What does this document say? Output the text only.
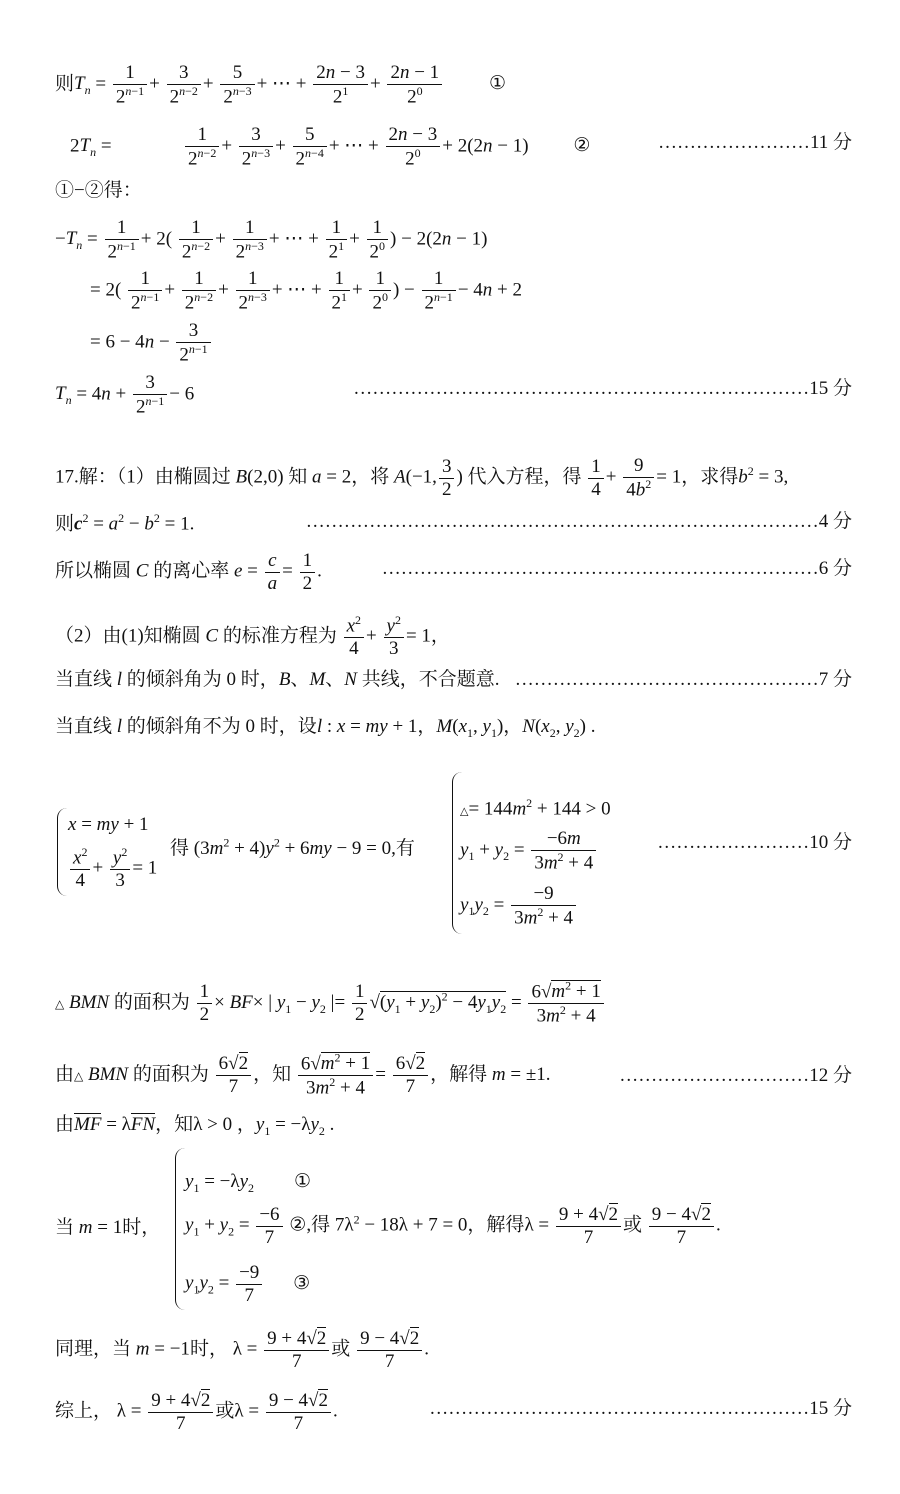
则$T_n = \frac{1}{2^{n-1}} + \frac{3}{2^{n-2}} + \frac{5}{2^{n-3}}$ + ⋯ + $\frac{2n - 3}{2^1} + \frac{2n - 1}{2^0}$ ①
$2T_n$ =	$\frac{1}{2^{n-2}} + \frac{3}{2^{n-3}} + \frac{5}{2^{n-4}}$ + ⋯ + $\frac{2n - 3}{2^0} + 2(2n - 1)$ ②	……………………11 分
①−②得：
$-T_n = \frac{1}{2^{n-1}} + 2( \frac{1}{2^{n-2}} + \frac{1}{2^{n-3}}$ + ⋯ + $\frac{1}{2^1} + \frac{1}{2^0}$ ) − 2(2n − 1)
= $2( \frac{1}{2^{n-1}} + \frac{1}{2^{n-2}} + \frac{1}{2^{n-3}}$ + ⋯ + $\frac{1}{2^1} + \frac{1}{2^0}$ ) − $\frac{1}{2^{n-1}} - 4n + 2$
= $6 - 4n - \frac{3}{2^{n-1}}$
$T_n = 4n + \frac{3}{2^{n-1}} - 6$	………………………………………………………………15 分
17.解：（1）由椭圆过 B(2,0) 知 a = 2，将 A(−1, $\frac{3}{2}$ ) 代入方程，得 $\frac{1}{4} + \frac{9}{4b^2} = 1$，求得$b^2 = 3$,
则$c^2 = a^2 - b^2 = 1$.	………………………………………………………………………4 分
所以椭圆 C 的离心率 $e = \frac{c}{a} = \frac{1}{2}$ .	……………………………………………………………6 分
（2）由(1)知椭圆 C 的标准方程为 $\frac{x^2}{4} + \frac{y^2}{3} = 1$，
当直线 l 的倾斜角为 0 时，B、M、N 共线，不合题意. …………………………………………7 分
当直线 l 的倾斜角不为 0 时，设l : x = my + 1，$M(x_1$, $y_1$)，$N(x_2$, $y_2$) .
x = my + 1
$\frac{x^2}{4} + \frac{y^2}{3} = 1$
得 $(3m^2 + 4)y^2 + 6my - 9 = 0$,有
△= $144m^2 + 144 > 0$
$y_1 + y_2 = \frac{-6m}{3m^2 + 4}$
$y_1y_2 = \frac{-9}{3m^2 + 4}$
……………………10 分
△ BMN 的面积为 $\frac{1}{2} \times BF\times$ | $y_1 - y_2$ |= $\frac{1}{2} √(y_1 + y_2)^2 - 4y_1y_2 = \frac{6√m^2 + 1}{3m^2 + 4}$
由△ BMN 的面积为 $\frac{6√2}{7}$ ，知 $\frac{6√m^2 + 1}{3m^2 + 4} = \frac{6√2}{7}$ ，解得 m = ±1.	…………………………12 分
由MF = λFN，知λ > 0 ，$y_1 = -\lambda y_2$ .
当 m = 1时，
$y_1 = -\lambda y_2$ ①
$y_1 + y_2 = \frac{-6}{7}$ ②,得 $7\lambda^2 - 18\lambda + 7 = 0$，解得$\lambda = \frac{9 + 4√2}{7}$ 或 $\frac{9 - 4√2}{7}$ .
$y_1y_2 = \frac{-9}{7}$ ③
同理，当 m = −1时， $\lambda = \frac{9 + 4√2}{7}$ 或 $\frac{9 - 4√2}{7}$ .
综上， $\lambda = \frac{9 + 4√2}{7}$ 或$\lambda = \frac{9 - 4√2}{7}$ .	……………………………………………………15 分
